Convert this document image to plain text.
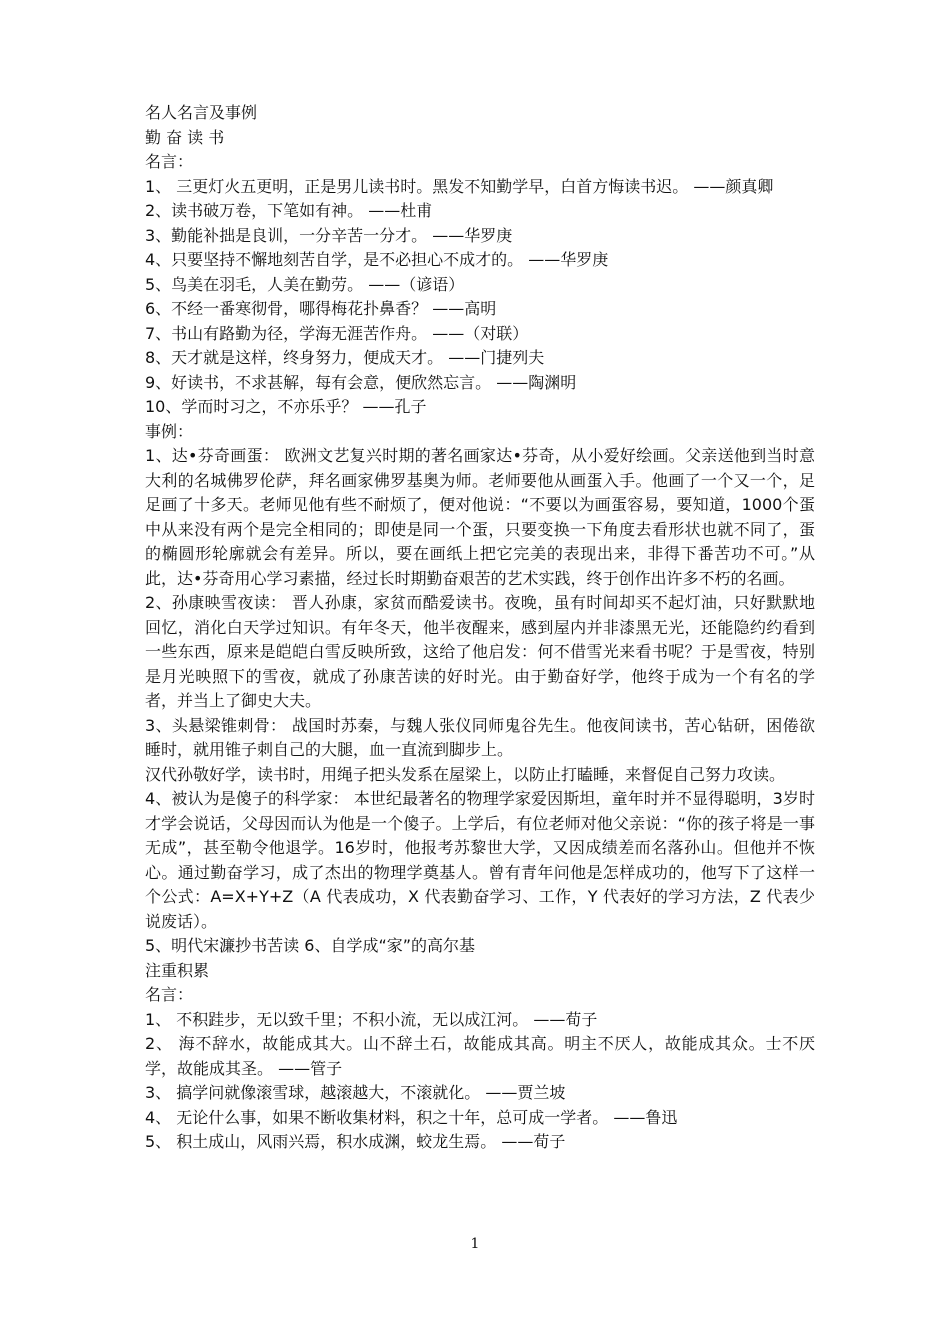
名人名言及事例

勤 奋 读 书

名言：

1、 三更灯火五更明，正是男儿读书时。黑发不知勤学早，白首方悔读书迟。 ——颜真卿

2、读书破万卷，下笔如有神。 ——杜甫

3、勤能补拙是良训，一分辛苦一分才。 ——华罗庚

4、只要坚持不懈地刻苦自学，是不必担心不成才的。 ——华罗庚

5、鸟美在羽毛，人美在勤劳。 ——（谚语）

6、不经一番寒彻骨，哪得梅花扑鼻香？ ——高明

7、书山有路勤为径，学海无涯苦作舟。 ——（对联）

8、天才就是这样，终身努力，便成天才。 ——门捷列夫

9、好读书，不求甚解，每有会意，便欣然忘言。 ——陶渊明

10、学而时习之，不亦乐乎？ ——孔子

事例：

1、达•芬奇画蛋： 欧洲文艺复兴时期的著名画家达•芬奇，从小爱好绘画。父亲送他到当时意大利的名城佛罗伦萨，拜名画家佛罗基奥为师。老师要他从画蛋入手。他画了一个又一个，足足画了十多天。老师见他有些不耐烦了，便对他说：“不要以为画蛋容易，要知道，1000个蛋中从来没有两个是完全相同的；即使是同一个蛋，只要变换一下角度去看形状也就不同了，蛋的椭圆形轮廓就会有差异。所以，要在画纸上把它完美的表现出来，非得下番苦功不可。”从此，达•芬奇用心学习素描，经过长时期勤奋艰苦的艺术实践，终于创作出许多不朽的名画。

2、孙康映雪夜读： 晋人孙康，家贫而酷爱读书。夜晚，虽有时间却买不起灯油，只好默默地回忆，消化白天学过知识。有年冬天，他半夜醒来，感到屋内并非漆黑无光，还能隐约约看到一些东西，原来是皑皑白雪反映所致，这给了他启发：何不借雪光来看书呢？于是雪夜，特别是月光映照下的雪夜，就成了孙康苦读的好时光。由于勤奋好学，他终于成为一个有名的学者，并当上了御史大夫。

3、头悬梁锥刺骨： 战国时苏秦，与魏人张仪同师鬼谷先生。他夜间读书，苦心钻研，困倦欲睡时，就用锥子刺自己的大腿，血一直流到脚步上。

汉代孙敬好学，读书时，用绳子把头发系在屋梁上，以防止打瞌睡，来督促自己努力攻读。

4、被认为是傻子的科学家： 本世纪最著名的物理学家爱因斯坦，童年时并不显得聪明，3岁时才学会说话，父母因而认为他是一个傻子。上学后，有位老师对他父亲说：“你的孩子将是一事无成”，甚至勒令他退学。16岁时，他报考苏黎世大学，又因成绩差而名落孙山。但他并不恢心。通过勤奋学习，成了杰出的物理学奠基人。曾有青年问他是怎样成功的，他写下了这样一个公式：A=X+Y+Z（A 代表成功，X 代表勤奋学习、工作，Y 代表好的学习方法，Z 代表少说废话）。

5、明代宋濂抄书苦读 6、自学成“家”的高尔基

注重积累

名言：

1、 不积跬步，无以致千里；不积小流，无以成江河。 ——荀子

2、 海不辞水，故能成其大。山不辞土石，故能成其高。明主不厌人，故能成其众。士不厌学，故能成其圣。 ——管子

3、 搞学问就像滚雪球，越滚越大，不滚就化。 ——贾兰坡

4、 无论什么事，如果不断收集材料，积之十年，总可成一学者。 ——鲁迅

5、 积土成山，风雨兴焉，积水成渊，蛟龙生焉。 ——荀子

1
